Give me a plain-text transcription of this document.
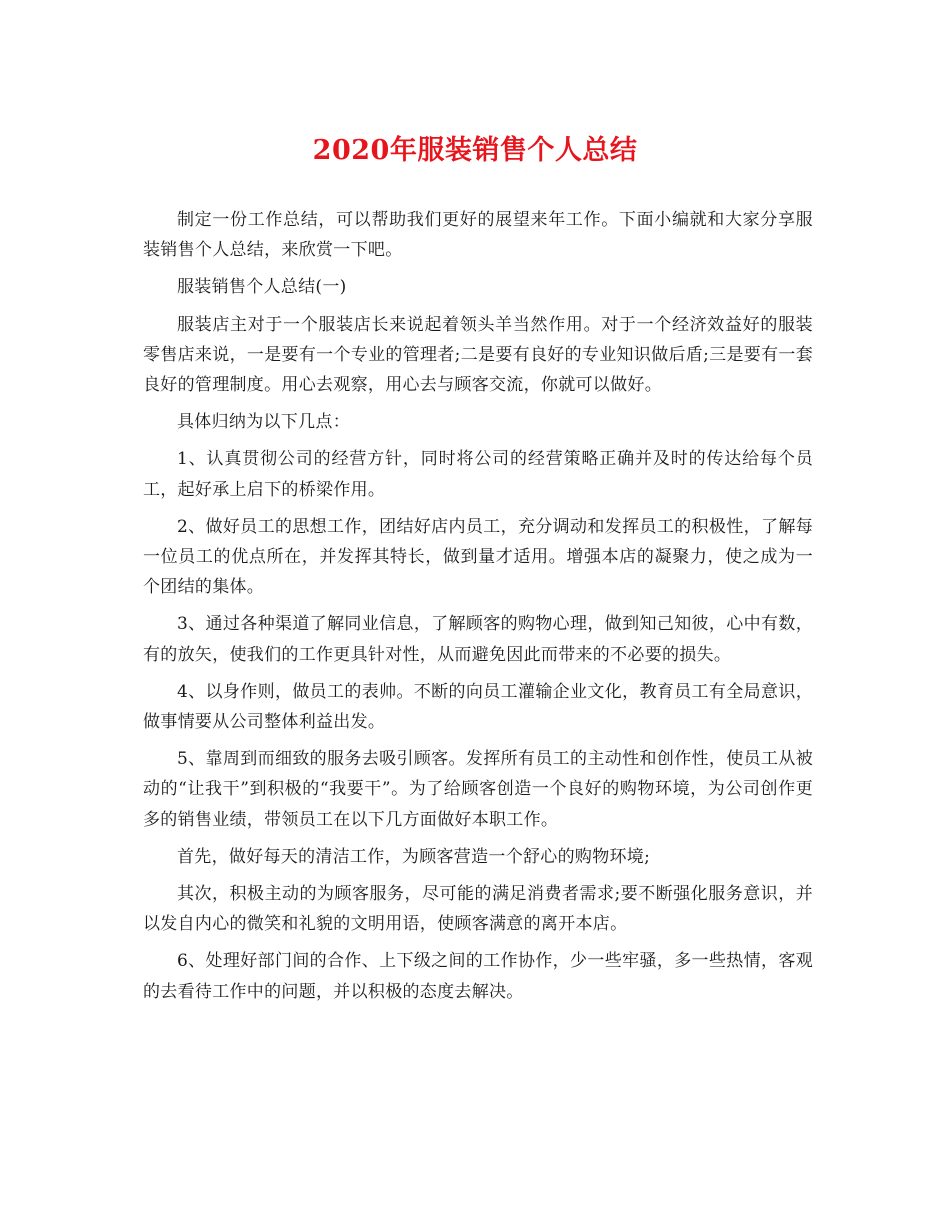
2020年服装销售个人总结

制定一份工作总结，可以帮助我们更好的展望来年工作。下面小编就和大家分享服装销售个人总结，来欣赏一下吧。

服装销售个人总结(一)

服装店主对于一个服装店长来说起着领头羊当然作用。对于一个经济效益好的服装零售店来说，一是要有一个专业的管理者;二是要有良好的专业知识做后盾;三是要有一套良好的管理制度。用心去观察，用心去与顾客交流，你就可以做好。

具体归纳为以下几点：

1、认真贯彻公司的经营方针，同时将公司的经营策略正确并及时的传达给每个员工，起好承上启下的桥梁作用。

2、做好员工的思想工作，团结好店内员工，充分调动和发挥员工的积极性，了解每一位员工的优点所在，并发挥其特长，做到量才适用。增强本店的凝聚力，使之成为一个团结的集体。

3、通过各种渠道了解同业信息，了解顾客的购物心理，做到知己知彼，心中有数，有的放矢，使我们的工作更具针对性，从而避免因此而带来的不必要的损失。

4、以身作则，做员工的表帅。不断的向员工灌输企业文化，教育员工有全局意识，做事情要从公司整体利益出发。

5、靠周到而细致的服务去吸引顾客。发挥所有员工的主动性和创作性，使员工从被动的“让我干”到积极的“我要干”。为了给顾客创造一个良好的购物环境，为公司创作更多的销售业绩，带领员工在以下几方面做好本职工作。

首先，做好每天的清洁工作，为顾客营造一个舒心的购物环境;

其次，积极主动的为顾客服务，尽可能的满足消费者需求;要不断强化服务意识，并以发自内心的微笑和礼貌的文明用语，使顾客满意的离开本店。

6、处理好部门间的合作、上下级之间的工作协作，少一些牢骚，多一些热情，客观的去看待工作中的问题，并以积极的态度去解决。
